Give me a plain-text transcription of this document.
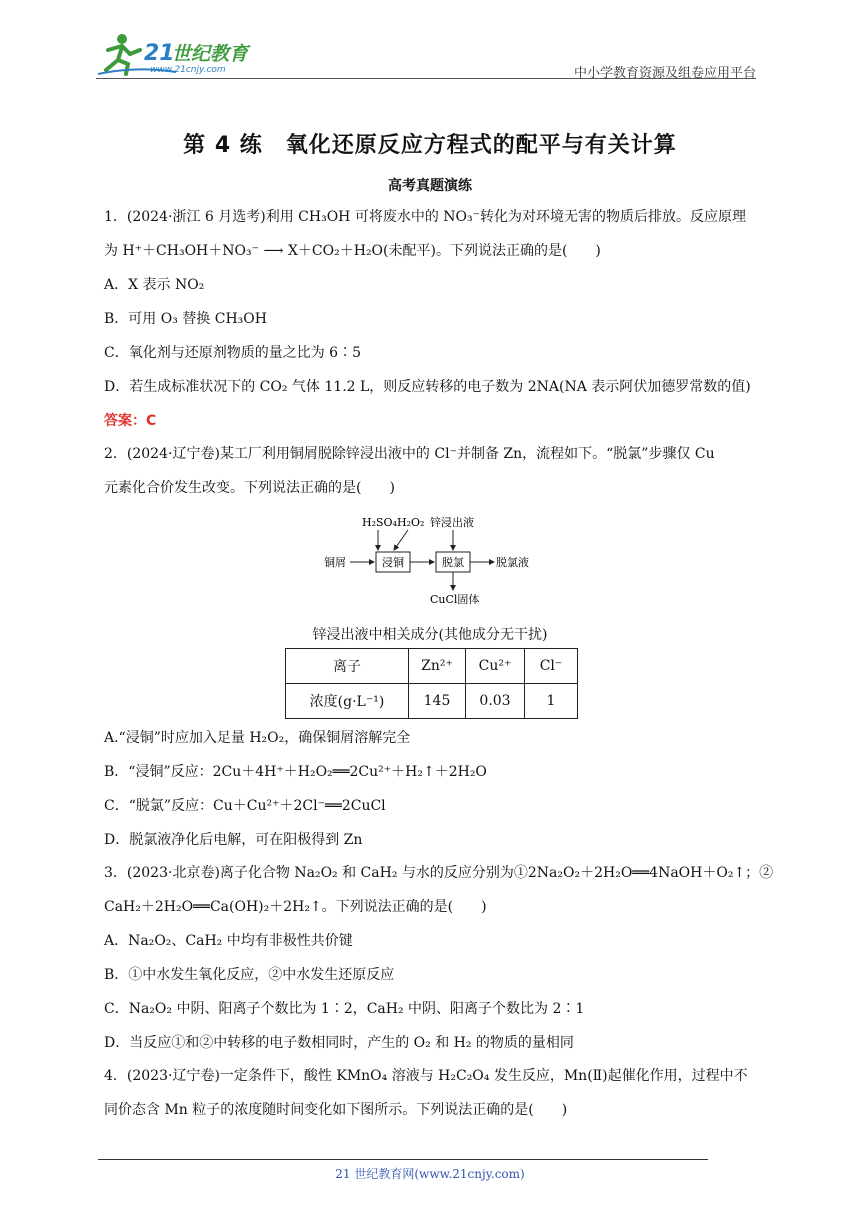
21
世纪教育
www.21cnjy.com	中小学教育资源及组卷应用平台
第 4 练　氧化还原反应方程式的配平与有关计算
高考真题演练
1．(2024·浙江 6 月选考)利用 CH₃OH 可将废水中的 NO₃⁻转化为对环境无害的物质后排放。反应原理
为 H⁺＋CH₃OH＋NO₃⁻ ⟶ X＋CO₂＋H₂O(未配平)。下列说法正确的是(　　)
A．X 表示 NO₂
B．可用 O₃ 替换 CH₃OH
C．氧化剂与还原剂物质的量之比为 6∶5
D．若生成标准状况下的 CO₂ 气体 11.2 L，则反应转移的电子数为 2NA(NA 表示阿伏加德罗常数的值)
答案：C
2．(2024·辽宁卷)某工厂利用铜屑脱除锌浸出液中的 Cl⁻并制备 Zn，流程如下。“脱氯”步骤仅 Cu
元素化合价发生改变。下列说法正确的是(　　)
H₂SO₄ H₂O₂ 锌浸出液
铜屑	浸铜	脱氯	脱氯液
CuCl固体
锌浸出液中相关成分(其他成分无干扰)
离子	Zn²⁺	Cu²⁺	Cl⁻
浓度(g·L⁻¹)	145	0.03	1
A.“浸铜”时应加入足量 H₂O₂，确保铜屑溶解完全
B．“浸铜”反应：2Cu＋4H⁺＋H₂O₂══2Cu²⁺＋H₂↑＋2H₂O
C．“脱氯”反应：Cu＋Cu²⁺＋2Cl⁻══2CuCl
D．脱氯液净化后电解，可在阳极得到 Zn
3．(2023·北京卷)离子化合物 Na₂O₂ 和 CaH₂ 与水的反应分别为①2Na₂O₂＋2H₂O══4NaOH＋O₂↑；②
CaH₂＋2H₂O══Ca(OH)₂＋2H₂↑。下列说法正确的是(　　)
A．Na₂O₂、CaH₂ 中均有非极性共价键
B．①中水发生氧化反应，②中水发生还原反应
C．Na₂O₂ 中阴、阳离子个数比为 1∶2，CaH₂ 中阴、阳离子个数比为 2∶1
D．当反应①和②中转移的电子数相同时，产生的 O₂ 和 H₂ 的物质的量相同
4．(2023·辽宁卷)一定条件下，酸性 KMnO₄ 溶液与 H₂C₂O₄ 发生反应，Mn(Ⅱ)起催化作用，过程中不
同价态含 Mn 粒子的浓度随时间变化如下图所示。下列说法正确的是(　　)
21 世纪教育网(www.21cnjy.com)
